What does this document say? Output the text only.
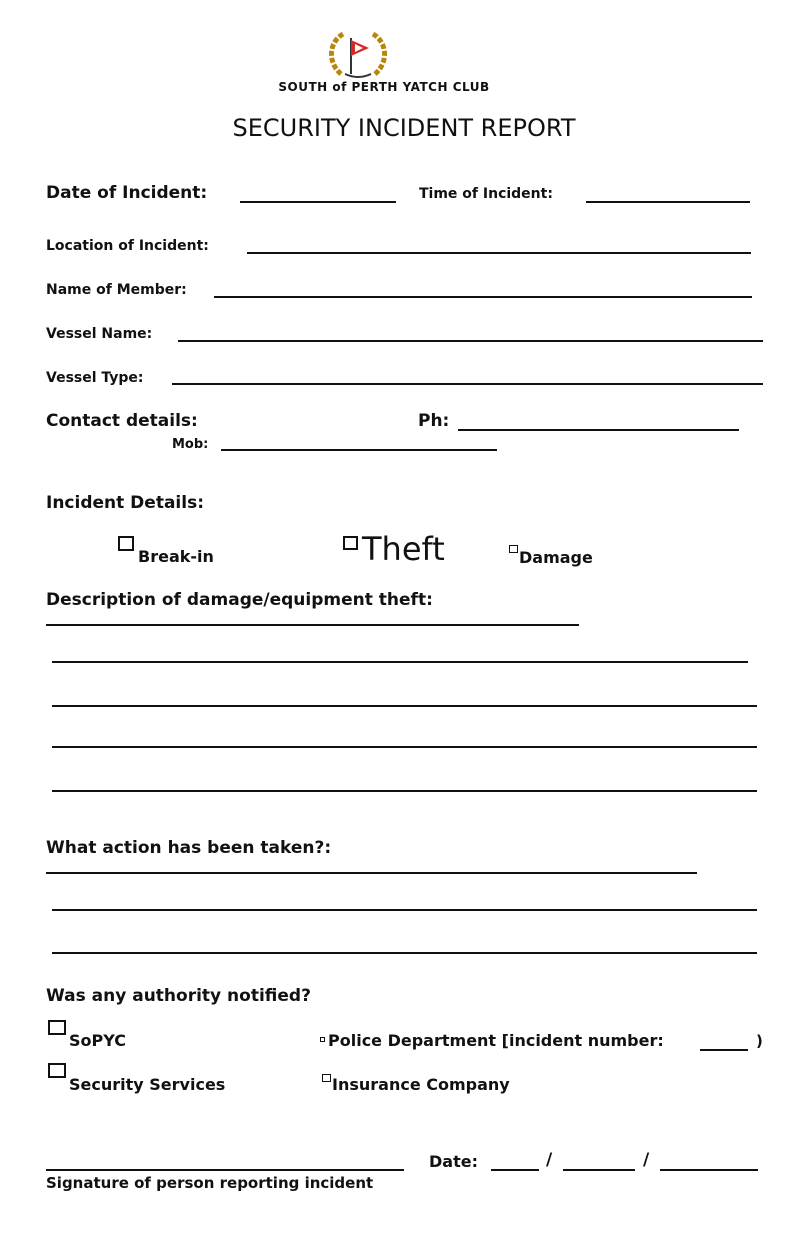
SOUTH of PERTH YATCH CLUB
SECURITY INCIDENT REPORT
Date of Incident:	Time of Incident:
Location of Incident:
Name of Member:
Vessel Name:
Vessel Type:
Contact details:	Ph:
Mob:
Incident Details:
Break-in	Theft	Damage
Description of damage/equipment theft:
What action has been taken?:
Was any authority notified?
SoPYC	Police Department [incident number:	)
Security Services	Insurance Company
Signature of person reporting incident
Date:	/	/
